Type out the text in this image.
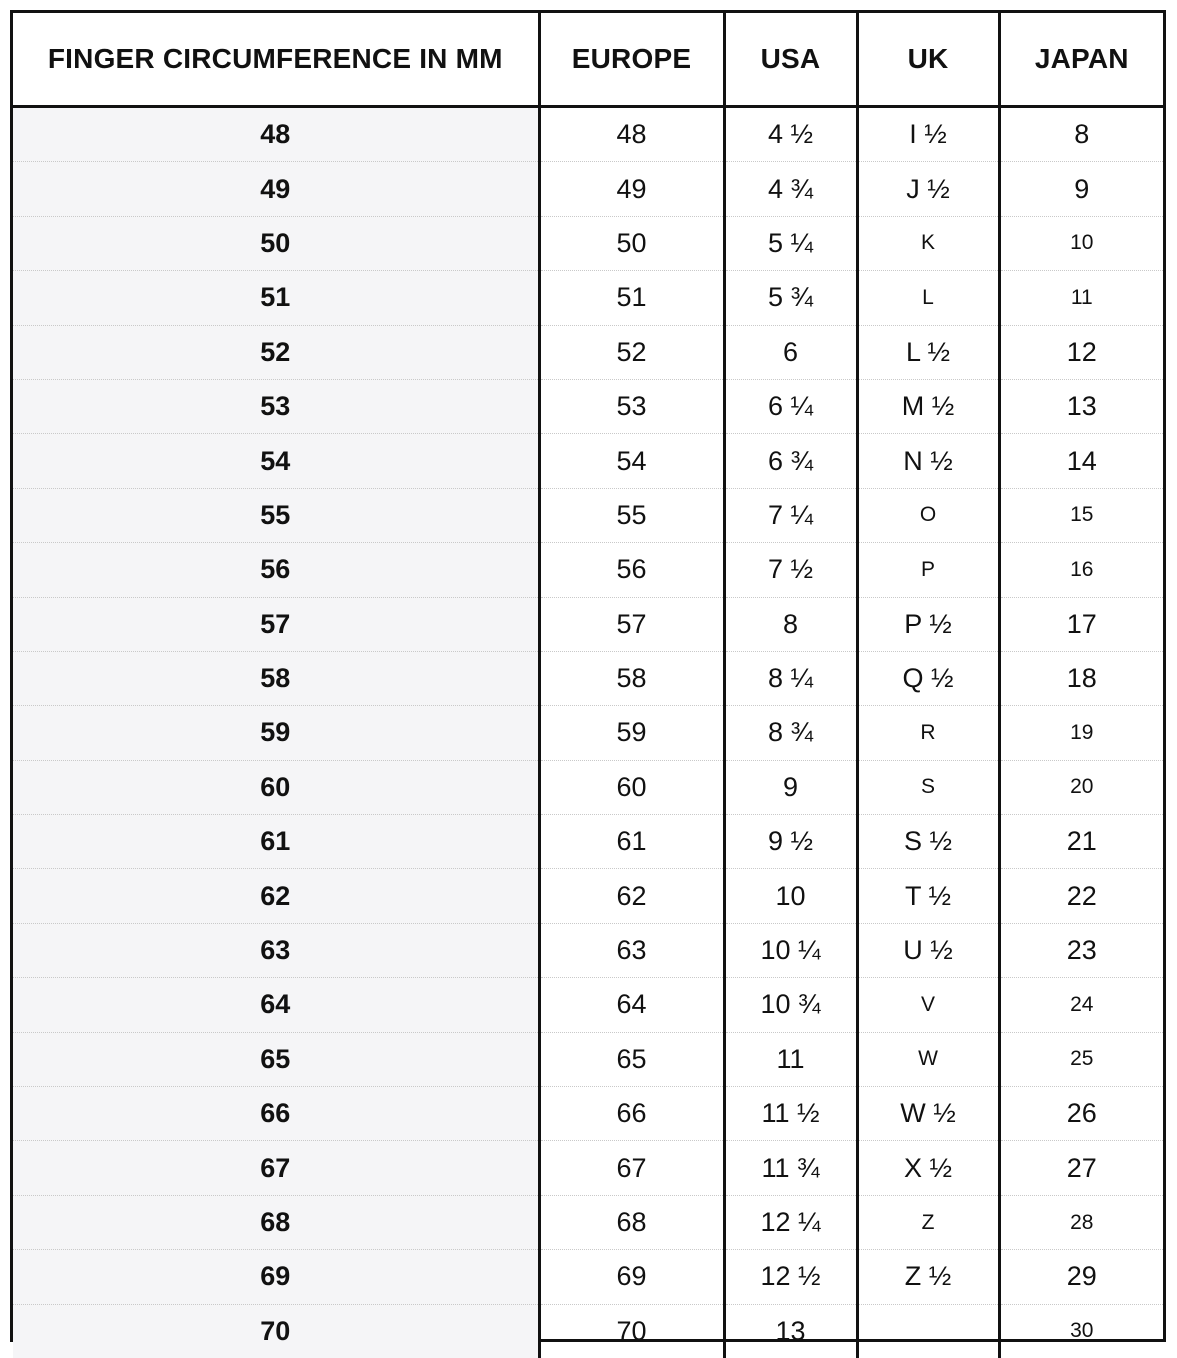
FINGER CIRCUMFERENCE IN MM	EUROPE	USA	UK	JAPAN
48	48	4 ½	I ½	8
49	49	4 ¾	J ½	9
50	50	5 ¼	K	10
51	51	5 ¾	L	11
52	52	6	L ½	12
53	53	6 ¼	M ½	13
54	54	6 ¾	N ½	14
55	55	7 ¼	O	15
56	56	7 ½	P	16
57	57	8	P ½	17
58	58	8 ¼	Q ½	18
59	59	8 ¾	R	19
60	60	9	S	20
61	61	9 ½	S ½	21
62	62	10	T ½	22
63	63	10 ¼	U ½	23
64	64	10 ¾	V	24
65	65	11	W	25
66	66	11 ½	W ½	26
67	67	11 ¾	X ½	27
68	68	12 ¼	Z	28
69	69	12 ½	Z ½	29
70	70	13		30
